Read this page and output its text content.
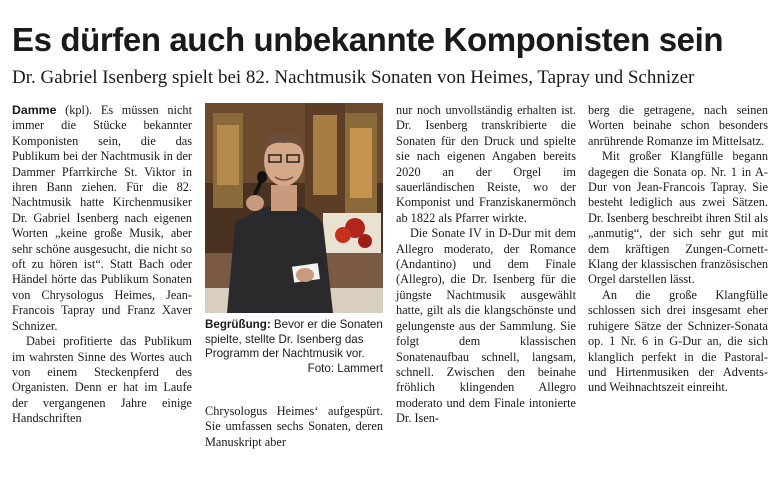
Es dürfen auch unbekannte Komponisten sein
Dr. Gabriel Isenberg spielt bei 82. Nachtmusik Sonaten von Heimes, Tapray und Schnizer

Damme (kpl). Es müssen nicht immer die Stücke bekannter Komponisten sein, die das Publikum bei der Nachtmusik in der Dammer Pfarrkirche St. Viktor in ihren Bann ziehen. Für die 82. Nachtmusik hatte Kirchenmusiker Dr. Gabriel Isenberg nach eigenen Worten „keine große Musik, aber sehr schöne ausgesucht, die nicht so oft zu hören ist“. Statt Bach oder Händel hörte das Publikum Sonaten von Chrysologus Heimes, Jean-Francois Tapray und Franz Xaver Schnizer.

Dabei profitierte das Publikum im wahrsten Sinne des Wortes auch von einem Steckenpferd des Organisten. Denn er hat im Laufe der vergangenen Jahre einige Handschriften

Begrüßung: Bevor er die Sonaten spielte, stellte Dr. Isenberg das Programm der Nachtmusik vor.
Foto: Lammert

Chrysologus Heimes‘ aufgespürt. Sie umfassen sechs Sonaten, deren Manuskript aber

nur noch unvollständig erhalten ist. Dr. Isenberg transkribierte die Sonaten für den Druck und spielte sie nach eigenen Angaben bereits 2020 an der Orgel im sauerländischen Reiste, wo der Komponist und Franziskanermönch ab 1822 als Pfarrer wirkte.

Die Sonate IV in D-Dur mit dem Allegro moderato, der Romance (Andantino) und dem Finale (Allegro), die Dr. Isenberg für die jüngste Nachtmusik ausgewählt hatte, gilt als die klangschönste und gelungenste aus der Sammlung. Sie folgt dem klassischen Sonatenaufbau schnell, langsam, schnell. Zwischen den beinahe fröhlich klingenden Allegro moderato und dem Finale intonierte Dr. Isen-

berg die getragene, nach seinen Worten beinahe schon besonders anrührende Romanze im Mittelsatz.

Mit großer Klangfülle begann dagegen die Sonata op. Nr. 1 in A-Dur von Jean-Francois Tapray. Sie besteht lediglich aus zwei Sätzen. Dr. Isenberg beschreibt ihren Stil als „anmutig“, der sich sehr gut mit dem kräftigen Zungen-Cornett-Klang der klassischen französischen Orgel darstellen lässt.

An die große Klangfülle schlossen sich drei insgesamt eher ruhigere Sätze der Schnizer-Sonata op. 1 Nr. 6 in G-Dur an, die sich klanglich perfekt in die Pastoral- und Hirtenmusiken der Advents- und Weihnachtszeit einreiht.
